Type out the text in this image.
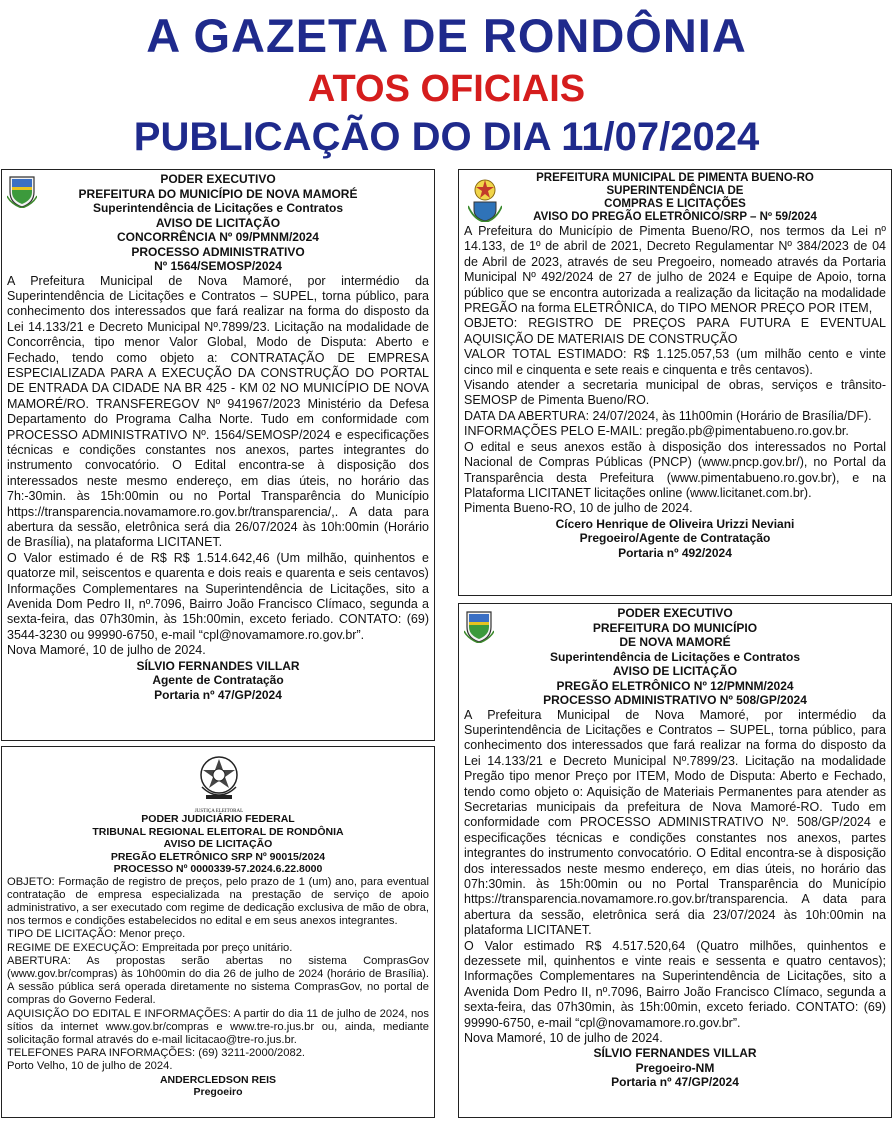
A GAZETA DE RONDÔNIA
ATOS OFICIAIS
PUBLICAÇÃO DO DIA 11/07/2024
PODER EXECUTIVO
PREFEITURA DO MUNICÍPIO DE NOVA MAMORÉ
Superintendência de Licitações e Contratos
AVISO DE LICITAÇÃO
CONCORRÊNCIA Nº 09/PMNM/2024
PROCESSO ADMINISTRATIVO
Nº 1564/SEMOSP/2024

A Prefeitura Municipal de Nova Mamoré, por intermédio da Superintendência de Licitações e Contratos – SUPEL, torna público, para conhecimento dos interessados que fará realizar na forma do disposto da Lei 14.133/21 e Decreto Municipal Nº.7899/23. Licitação na modalidade de Concorrência, tipo menor Valor Global, Modo de Disputa: Aberto e Fechado, tendo como objeto a: CONTRATAÇÃO DE EMPRESA ESPECIALIZADA PARA A EXECUÇÃO DA CONSTRUÇÃO DO PORTAL DE ENTRADA DA CIDADE NA BR 425 - KM 02 NO MUNICÍPIO DE NOVA MAMORÉ/RO. TRANSFEREGOV Nº 941967/2023 Ministério da Defesa Departamento do Programa Calha Norte. Tudo em conformidade com PROCESSO ADMINISTRATIVO Nº. 1564/SEMOSP/2024 e especificações técnicas e condições constantes nos anexos, partes integrantes do instrumento convocatório. O Edital encontra-se à disposição dos interessados neste mesmo endereço, em dias úteis, no horário das 7h:-30min. às 15h:00min ou no Portal Transparência do Município https://transparencia.novamamore.ro.gov.br/transparencia/,. A data para abertura da sessão, eletrônica será dia 26/07/2024 às 10h:00min (Horário de Brasília), na plataforma LICITANET.

O Valor estimado é de R$ R$ 1.514.642,46 (Um milhão, quinhentos e quatorze mil, seiscentos e quarenta e dois reais e quarenta e seis centavos)

Informações Complementares na Superintendência de Licitações, sito a Avenida Dom Pedro II, nº.7096, Bairro João Francisco Clímaco, segunda a sexta-feira, das 07h30min, às 15h:00min, exceto feriado. CONTATO: (69) 3544-3230 ou 99990-6750, e-mail “cpl@novamamore.ro.gov.br”.

Nova Mamoré, 10 de julho de 2024.

SÍLVIO FERNANDES VILLAR
Agente de Contratação
Portaria nº 47/GP/2024
PREFEITURA MUNICIPAL DE PIMENTA BUENO-RO
SUPERINTENDÊNCIA DE
COMPRAS E LICITAÇÕES
AVISO DO PREGÃO ELETRÔNICO/SRP – Nº 59/2024

A Prefeitura do Município de Pimenta Bueno/RO, nos termos da Lei nº 14.133, de 1º de abril de 2021, Decreto Regulamentar Nº 384/2023 de 04 de Abril de 2023, através de seu Pregoeiro, nomeado através da Portaria Municipal Nº 492/2024 de 27 de julho de 2024 e Equipe de Apoio, torna público que se encontra autorizada a realização da licitação na modalidade PREGÃO na forma ELETRÔNICA, do TIPO MENOR PREÇO POR ITEM,

OBJETO: REGISTRO DE PREÇOS PARA FUTURA E EVENTUAL AQUISIÇÃO DE MATERIAIS DE CONSTRUÇÃO

VALOR TOTAL ESTIMADO: R$ 1.125.057,53 (um milhão cento e vinte cinco mil e cinquenta e sete reais e cinquenta e três centavos).

Visando atender a secretaria municipal de obras, serviços e trânsito-SEMOSP de Pimenta Bueno/RO.

DATA DA ABERTURA: 24/07/2024, às 11h00min (Horário de Brasília/DF).

INFORMAÇÕES PELO E-MAIL: pregão.pb@pimentabueno.ro.gov.br.

O edital e seus anexos estão à disposição dos interessados no Portal Nacional de Compras Públicas (PNCP) (www.pncp.gov.br/), no Portal da Transparência desta Prefeitura (www.pimentabueno.ro.gov.br), e na Plataforma LICITANET licitações online (www.licitanet.com.br).

Pimenta Bueno-RO, 10 de julho de 2024.

Cícero Henrique de Oliveira Urizzi Neviani
Pregoeiro/Agente de Contratação
Portaria nº 492/2024
JUSTIÇA ELEITORAL
PODER JUDICIÁRIO FEDERAL
TRIBUNAL REGIONAL ELEITORAL DE RONDÔNIA
AVISO DE LICITAÇÃO
PREGÃO ELETRÔNICO SRP Nº 90015/2024
PROCESSO Nº 0000339-57.2024.6.22.8000

OBJETO: Formação de registro de preços, pelo prazo de 1 (um) ano, para eventual contratação de empresa especializada na prestação de serviço de apoio administrativo, a ser executado com regime de dedicação exclusiva de mão de obra, nos termos e condições estabelecidos no edital e em seus anexos integrantes.

TIPO DE LICITAÇÃO: Menor preço.

REGIME DE EXECUÇÃO: Empreitada por preço unitário.

ABERTURA: As propostas serão abertas no sistema ComprasGov (www.gov.br/compras) às 10h00min do dia 26 de julho de 2024 (horário de Brasília). A sessão pública será operada diretamente no sistema ComprasGov, no portal de compras do Governo Federal.

AQUISIÇÃO DO EDITAL E INFORMAÇÕES: A partir do dia 11 de julho de 2024, nos sítios da internet www.gov.br/compras e www.tre-ro.jus.br ou, ainda, mediante solicitação formal através do e-mail licitacao@tre-ro.jus.br.

TELEFONES PARA INFORMAÇÕES: (69) 3211-2000/2082.

Porto Velho, 10 de julho de 2024.

ANDERCLEDSON REIS
Pregoeiro
PODER EXECUTIVO
PREFEITURA DO MUNICÍPIO
DE NOVA MAMORÉ
Superintendência de Licitações e Contratos
AVISO DE LICITAÇÃO
PREGÃO ELETRÔNICO Nº 12/PMNM/2024
PROCESSO ADMINISTRATIVO Nº 508/GP/2024

A Prefeitura Municipal de Nova Mamoré, por intermédio da Superintendência de Licitações e Contratos – SUPEL, torna público, para conhecimento dos interessados que fará realizar na forma do disposto da Lei 14.133/21 e Decreto Municipal Nº.7899/23. Licitação na modalidade Pregão tipo menor Preço por ITEM, Modo de Disputa: Aberto e Fechado, tendo como objeto o: Aquisição de Materiais Permanentes para atender as Secretarias municipais da prefeitura de Nova Mamoré-RO. Tudo em conformidade com PROCESSO ADMINISTRATIVO Nº. 508/GP/2024 e especificações técnicas e condições constantes nos anexos, partes integrantes do instrumento convocatório. O Edital encontra-se à disposição dos interessados neste mesmo endereço, em dias úteis, no horário das 07h:30min. às 15h:00min ou no Portal Transparência do Município https://transparencia.novamamore.ro.gov.br/transparencia. A data para abertura da sessão, eletrônica será dia 23/07/2024 às 10h:00min na plataforma LICITANET.

O Valor estimado R$ 4.517.520,64 (Quatro milhões, quinhentos e dezessete mil, quinhentos e vinte reais e sessenta e quatro centavos); Informações Complementares na Superintendência de Licitações, sito a Avenida Dom Pedro II, nº.7096, Bairro João Francisco Clímaco, segunda a sexta-feira, das 07h30min, às 15h:00min, exceto feriado. CONTATO: (69) 99990-6750, e-mail “cpl@novamamore.ro.gov.br”.

Nova Mamoré, 10 de julho de 2024.

SÍLVIO FERNANDES VILLAR
Pregoeiro-NM
Portaria nº 47/GP/2024
